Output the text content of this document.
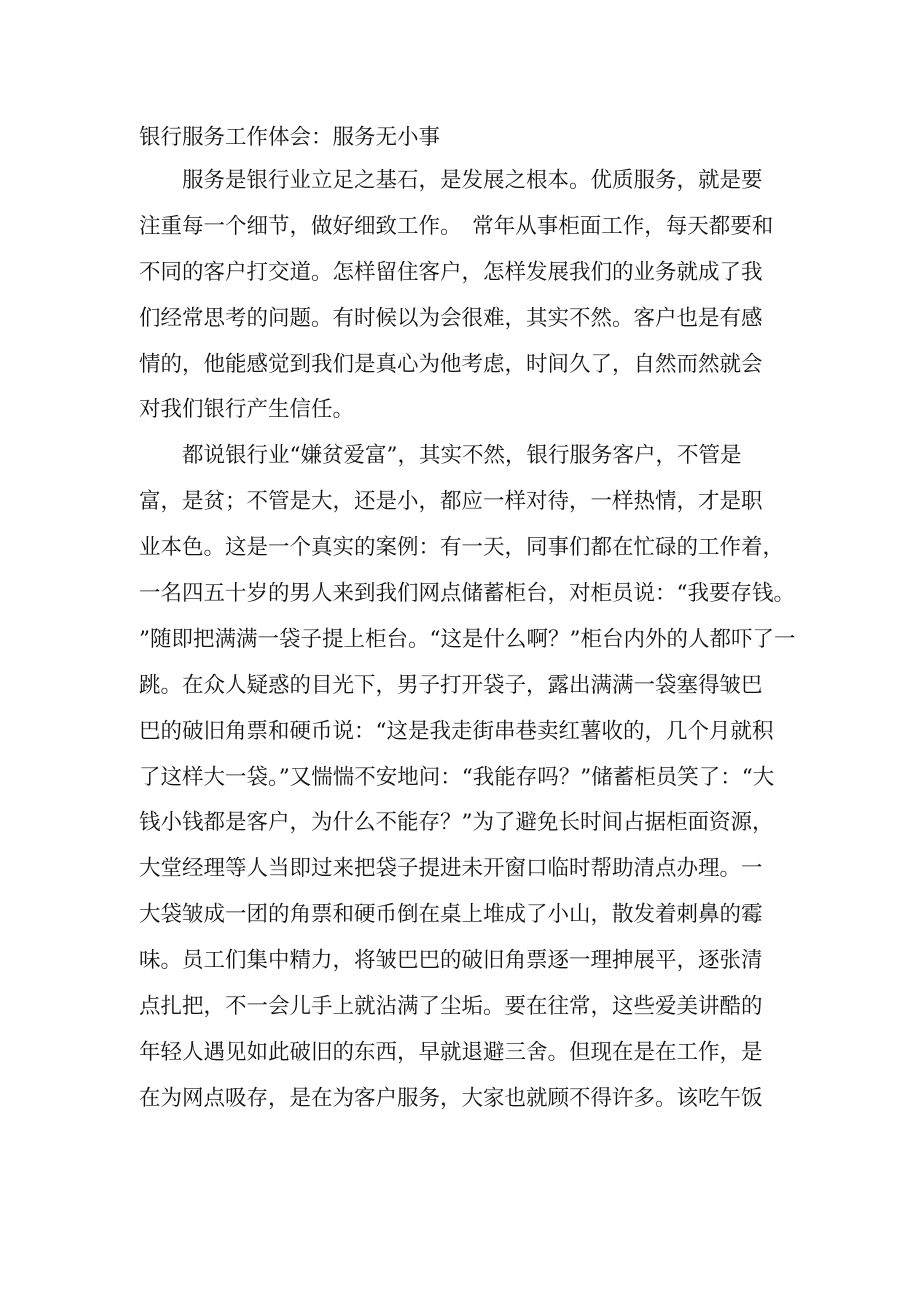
银行服务工作体会：服务无小事
　　服务是银行业立足之基石，是发展之根本。优质服务，就是要
注重每一个细节，做好细致工作。　常年从事柜面工作，每天都要和
不同的客户打交道。怎样留住客户，怎样发展我们的业务就成了我
们经常思考的问题。有时候以为会很难，其实不然。客户也是有感
情的，他能感觉到我们是真心为他考虑，时间久了，自然而然就会
对我们银行产生信任。
　　都说银行业“嫌贫爱富”，其实不然，银行服务客户，不管是
富，是贫；不管是大，还是小，都应一样对待，一样热情，才是职
业本色。这是一个真实的案例：有一天，同事们都在忙碌的工作着，
一名四五十岁的男人来到我们网点储蓄柜台，对柜员说：“我要存钱。
”随即把满满一袋子提上柜台。“这是什么啊？”柜台内外的人都吓了一
跳。在众人疑惑的目光下，男子打开袋子，露出满满一袋塞得皱巴
巴的破旧角票和硬币说：“这是我走街串巷卖红薯收的，几个月就积
了这样大一袋。”又惴惴不安地问：“我能存吗？”储蓄柜员笑了：“大
钱小钱都是客户，为什么不能存？”为了避免长时间占据柜面资源，
大堂经理等人当即过来把袋子提进未开窗口临时帮助清点办理。一
大袋皱成一团的角票和硬币倒在桌上堆成了小山，散发着刺鼻的霉
味。员工们集中精力，将皱巴巴的破旧角票逐一理抻展平，逐张清
点扎把，不一会儿手上就沾满了尘垢。要在往常，这些爱美讲酷的
年轻人遇见如此破旧的东西，早就退避三舍。但现在是在工作，是
在为网点吸存，是在为客户服务，大家也就顾不得许多。该吃午饭
